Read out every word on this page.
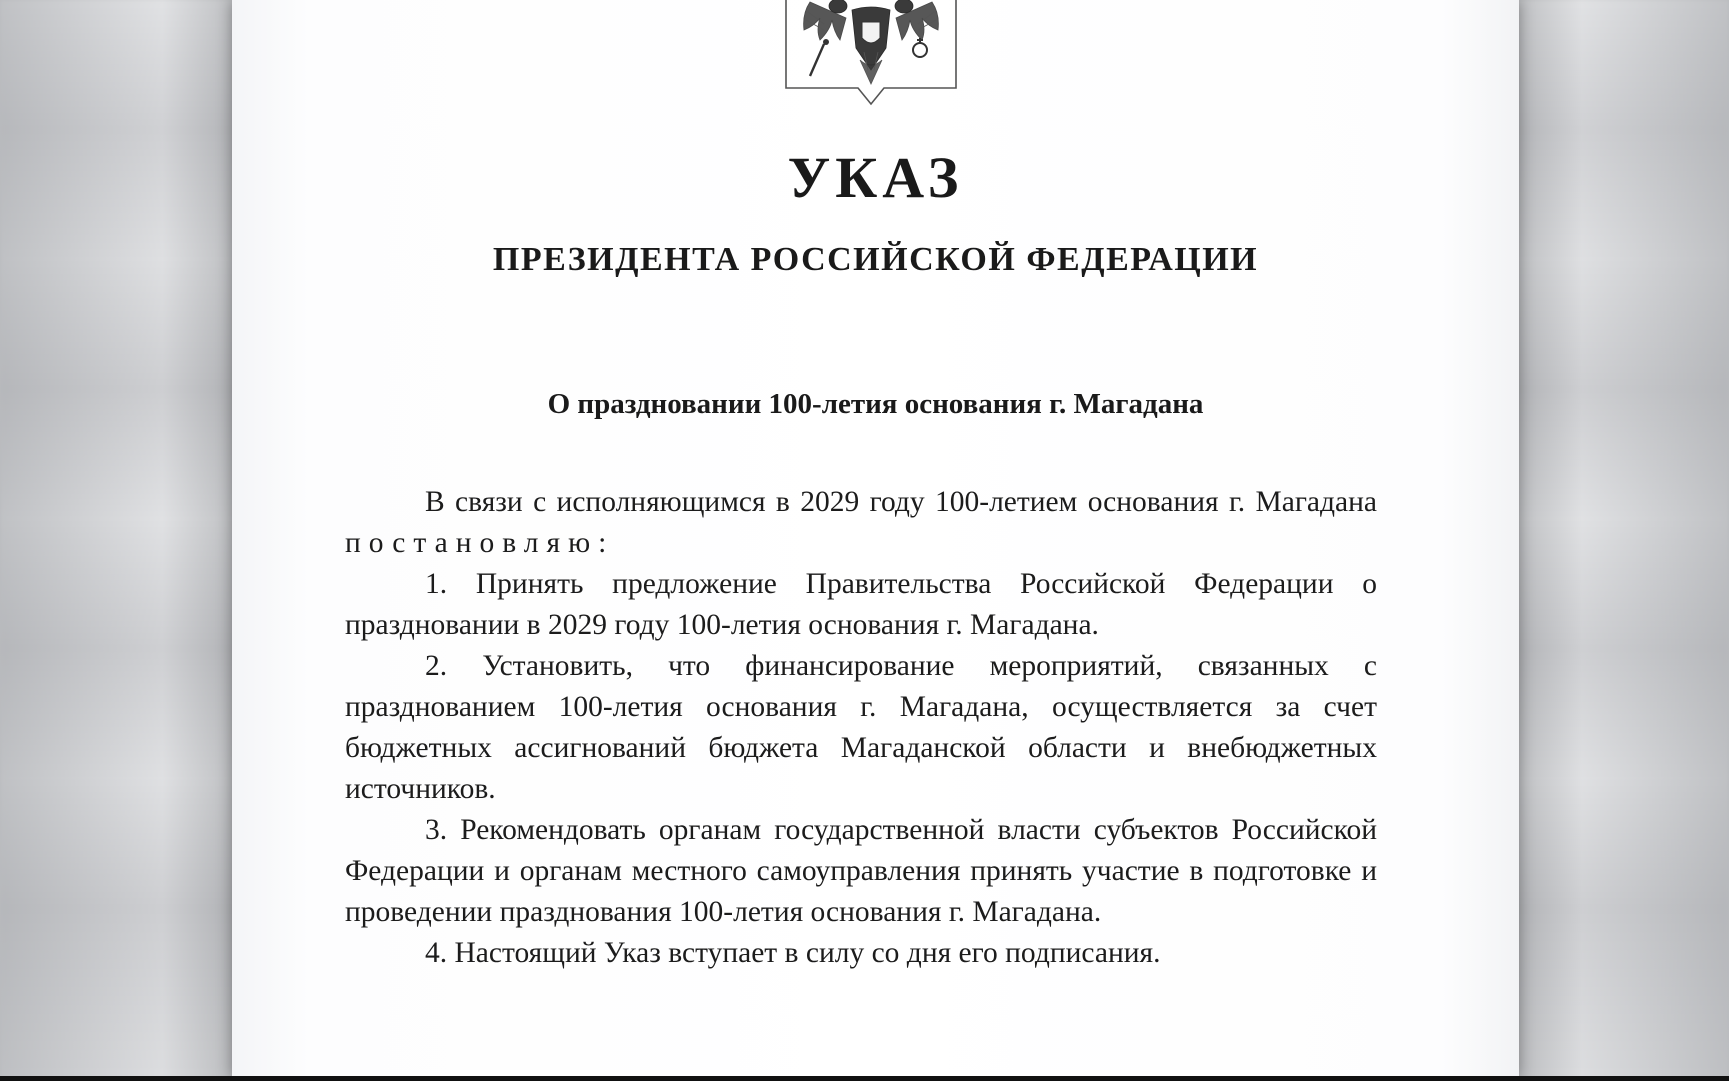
УКАЗ
ПРЕЗИДЕНТА РОССИЙСКОЙ ФЕДЕРАЦИИ
О праздновании 100-летия основания г. Магадана

В связи с исполняющимся в 2029 году 100-летием основания г. Магадана постановляю:

1. Принять предложение Правительства Российской Федерации о праздновании в 2029 году 100-летия основания г. Магадана.

2. Установить, что финансирование мероприятий, связанных с празднованием 100-летия основания г. Магадана, осуществляется за счет бюджетных ассигнований бюджета Магаданской области и внебюджетных источников.

3. Рекомендовать органам государственной власти субъектов Российской Федерации и органам местного самоуправления принять участие в подготовке и проведении празднования 100-летия основания г. Магадана.

4. Настоящий Указ вступает в силу со дня его подписания.
